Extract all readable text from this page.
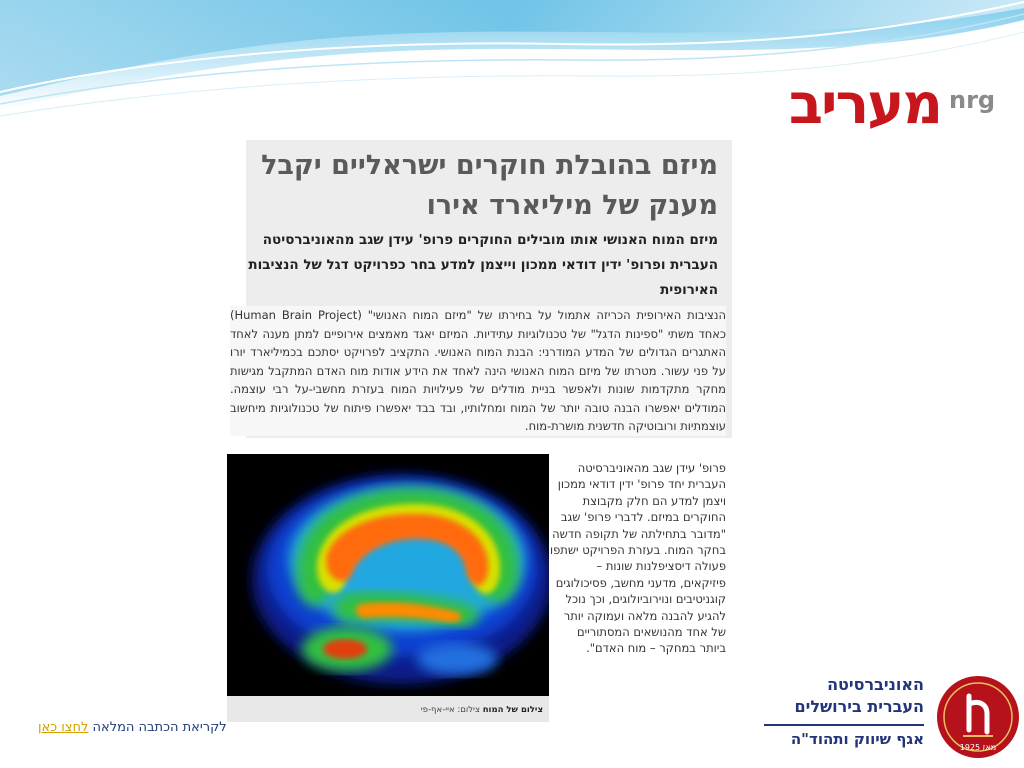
מעריב nrg
מיזם בהובלת חוקרים ישראליים יקבל מענק של מיליארד אירו
מיזם המוח האנושי אותו מובילים החוקרים פרופ' עידן שגב מהאוניברסיטה העברית ופרופ' ידין דודאי ממכון וייצמן למדע בחר כפרויקט דגל של הנציבות האירופית

הנציבות האירופית הכריזה אתמול על בחירתו של "מיזם המוח האנושי" (Human Brain Project) כאחד משתי "ספינות הדגל" של טכנולוגיות עתידיות. המיזם יאגד מאמצים אירופיים למתן מענה לאחד האתגרים הגדולים של המדע המודרני: הבנת המוח האנושי. התקציב לפרויקט יסתכם בכמיליארד יורו על פני עשור. מטרתו של מיזם המוח האנושי הינה לאחד את הידע אודות מוח האדם המתקבל מגישות מחקר מתקדמות שונות ולאפשר בניית מודלים של פעילויות המוח בעזרת מחשבי-על רבי עוצמה. המודלים יאפשרו הבנה טובה יותר של המוח ומחלותיו, ובד בבד יאפשרו פיתוח של טכנולוגיות מיחשוב עוצמתיות ורובוטיקה חדשנית מושרת-מוח.

צילום של המוח צילום: איי-אף-פי

פרופ' עידן שגב מהאוניברסיטה העברית יחד פרופ' ידין דודאי ממכון ויצמן למדע הם חלק מקבוצת החוקרים במיזם. לדברי פרופ' שגב "מדובר בתחילתה של תקופה חדשה בחקר המוח. בעזרת הפרויקט ישתפו פעולה דיסציפלנות שונות – פיזיקאים, מדעני מחשב, פסיכולוגים קוגניטיבים ונוירוביולוגים, וכך נוכל להגיע להבנה מלאה ועמוקה יותר של אחד מהנושאים המסתוריים ביותר במחקר – מוח האדם".

לקריאת הכתבה המלאה לחצו כאן
האוניברסיטה
העברית בירושלים
אגף שיווק ותהוד"ה	מאז 1925
